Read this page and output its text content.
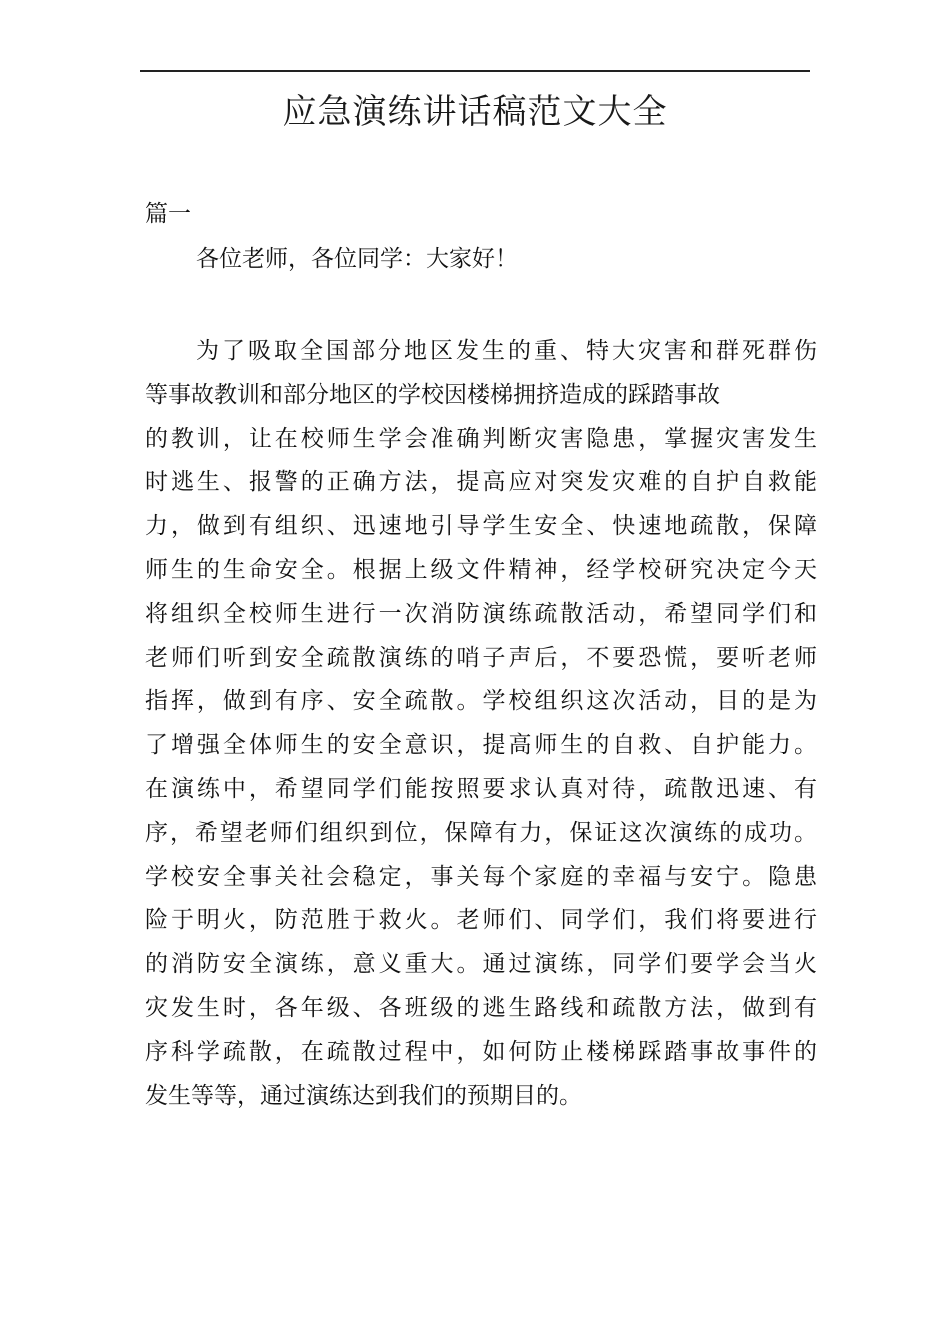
应急演练讲话稿范文大全
篇一
各位老师，各位同学：大家好！
为了吸取全国部分地区发生的重、特大灾害和群死群伤
等事故教训和部分地区的学校因楼梯拥挤造成的踩踏事故
的教训，让在校师生学会准确判断灾害隐患，掌握灾害发生
时逃生、报警的正确方法，提高应对突发灾难的自护自救能
力，做到有组织、迅速地引导学生安全、快速地疏散，保障
师生的生命安全。根据上级文件精神，经学校研究决定今天
将组织全校师生进行一次消防演练疏散活动，希望同学们和
老师们听到安全疏散演练的哨子声后，不要恐慌，要听老师
指挥，做到有序、安全疏散。学校组织这次活动，目的是为
了增强全体师生的安全意识，提高师生的自救、自护能力。
在演练中，希望同学们能按照要求认真对待，疏散迅速、有
序，希望老师们组织到位，保障有力，保证这次演练的成功。
学校安全事关社会稳定，事关每个家庭的幸福与安宁。隐患
险于明火，防范胜于救火。老师们、同学们，我们将要进行
的消防安全演练，意义重大。通过演练，同学们要学会当火
灾发生时，各年级、各班级的逃生路线和疏散方法，做到有
序科学疏散，在疏散过程中，如何防止楼梯踩踏事故事件的
发生等等，通过演练达到我们的预期目的。
